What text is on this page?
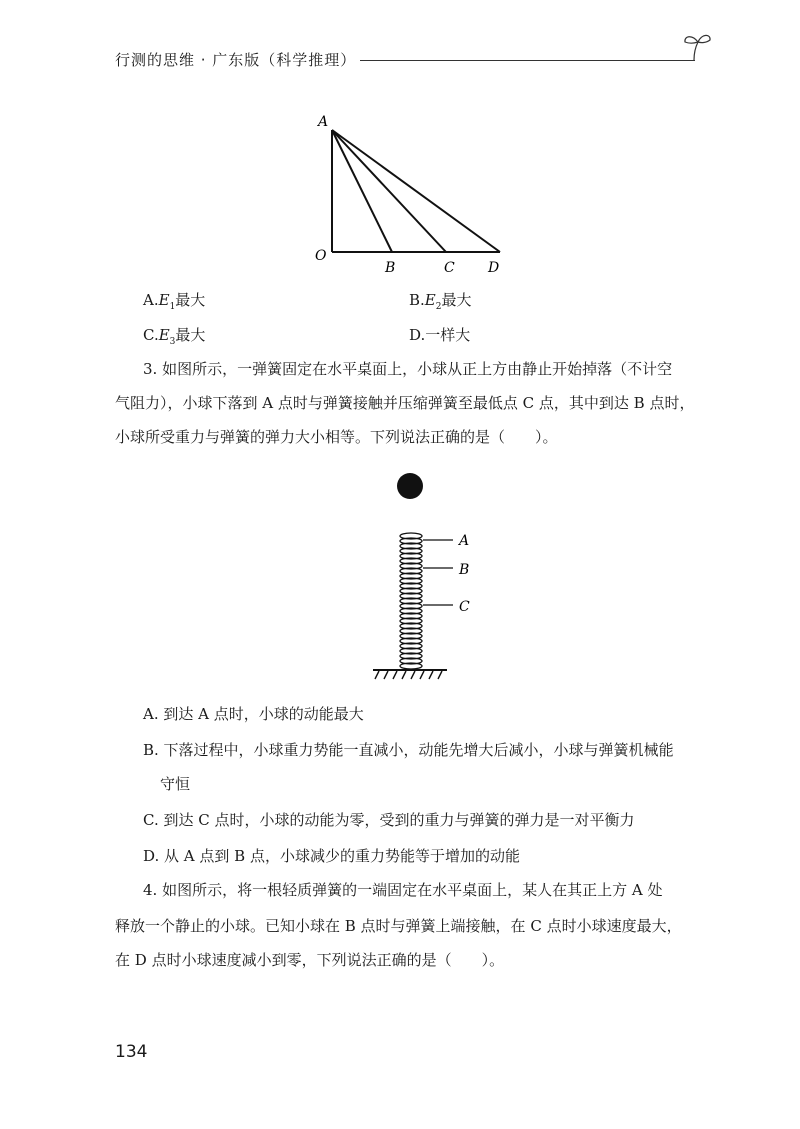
行测的思维 · 广东版（科学推理）
A
O
B	C D
$A.E_1$最大	$B.E_2$最大
$C.E_3$最大	D.一样大
3. 如图所示，一弹簧固定在水平桌面上，小球从正上方由静止开始掉落（不计空
气阻力），小球下落到 A 点时与弹簧接触并压缩弹簧至最低点 C 点，其中到达 B 点时，
小球所受重力与弹簧的弹力大小相等。下列说法正确的是（　　）。
A
B
C
A. 到达 A 点时，小球的动能最大
B. 下落过程中，小球重力势能一直减小，动能先增大后减小，小球与弹簧机械能
守恒
C. 到达 C 点时，小球的动能为零，受到的重力与弹簧的弹力是一对平衡力
D. 从 A 点到 B 点，小球减少的重力势能等于增加的动能
4. 如图所示，将一根轻质弹簧的一端固定在水平桌面上，某人在其正上方 A 处
释放一个静止的小球。已知小球在 B 点时与弹簧上端接触，在 C 点时小球速度最大，
在 D 点时小球速度减小到零，下列说法正确的是（　　）。
134
